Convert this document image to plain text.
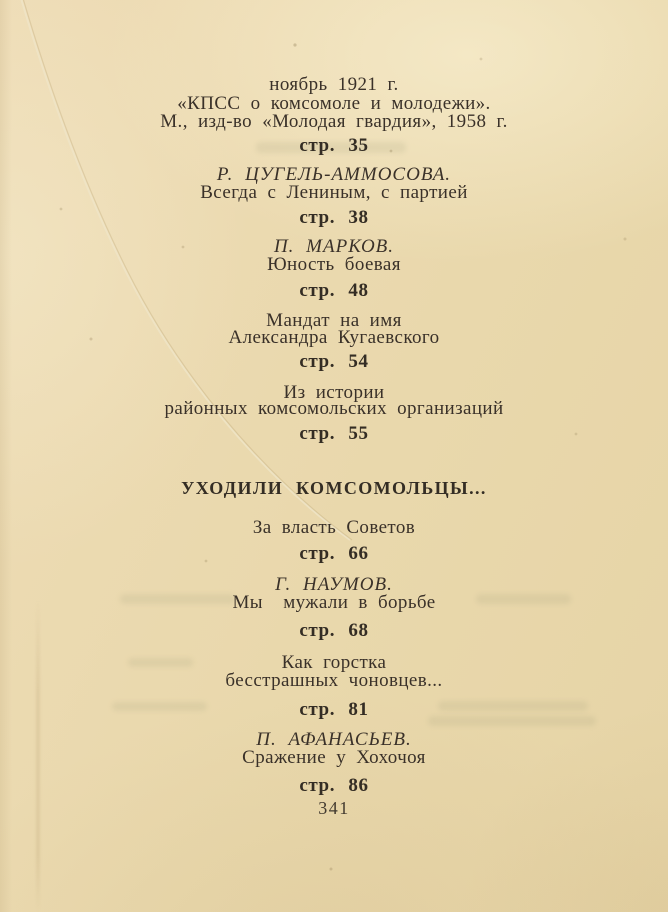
ноябрь 1921 г.
«КПСС о комсомоле и молодежи».
М., изд-во «Молодая гвардия», 1958 г.
стр. 35
Р. ЦУГЕЛЬ-АММОСОВА.
Всегда с Лениным, с партией
стр. 38
П. МАРКОВ.
Юность боевая
стр. 48
Мандат на имя
Александра Кугаевского
стр. 54
Из истории
районных комсомольских организаций
стр. 55
УХОДИЛИ КОМСОМОЛЬЦЫ...
За власть Советов
стр. 66
Г. НАУМОВ.
Мы  мужали в борьбе
стр. 68
Как горстка
бесстрашных чоновцев...
стр. 81
П. АФАНАСЬЕВ.
Сражение у Хохочоя
стр. 86
341
